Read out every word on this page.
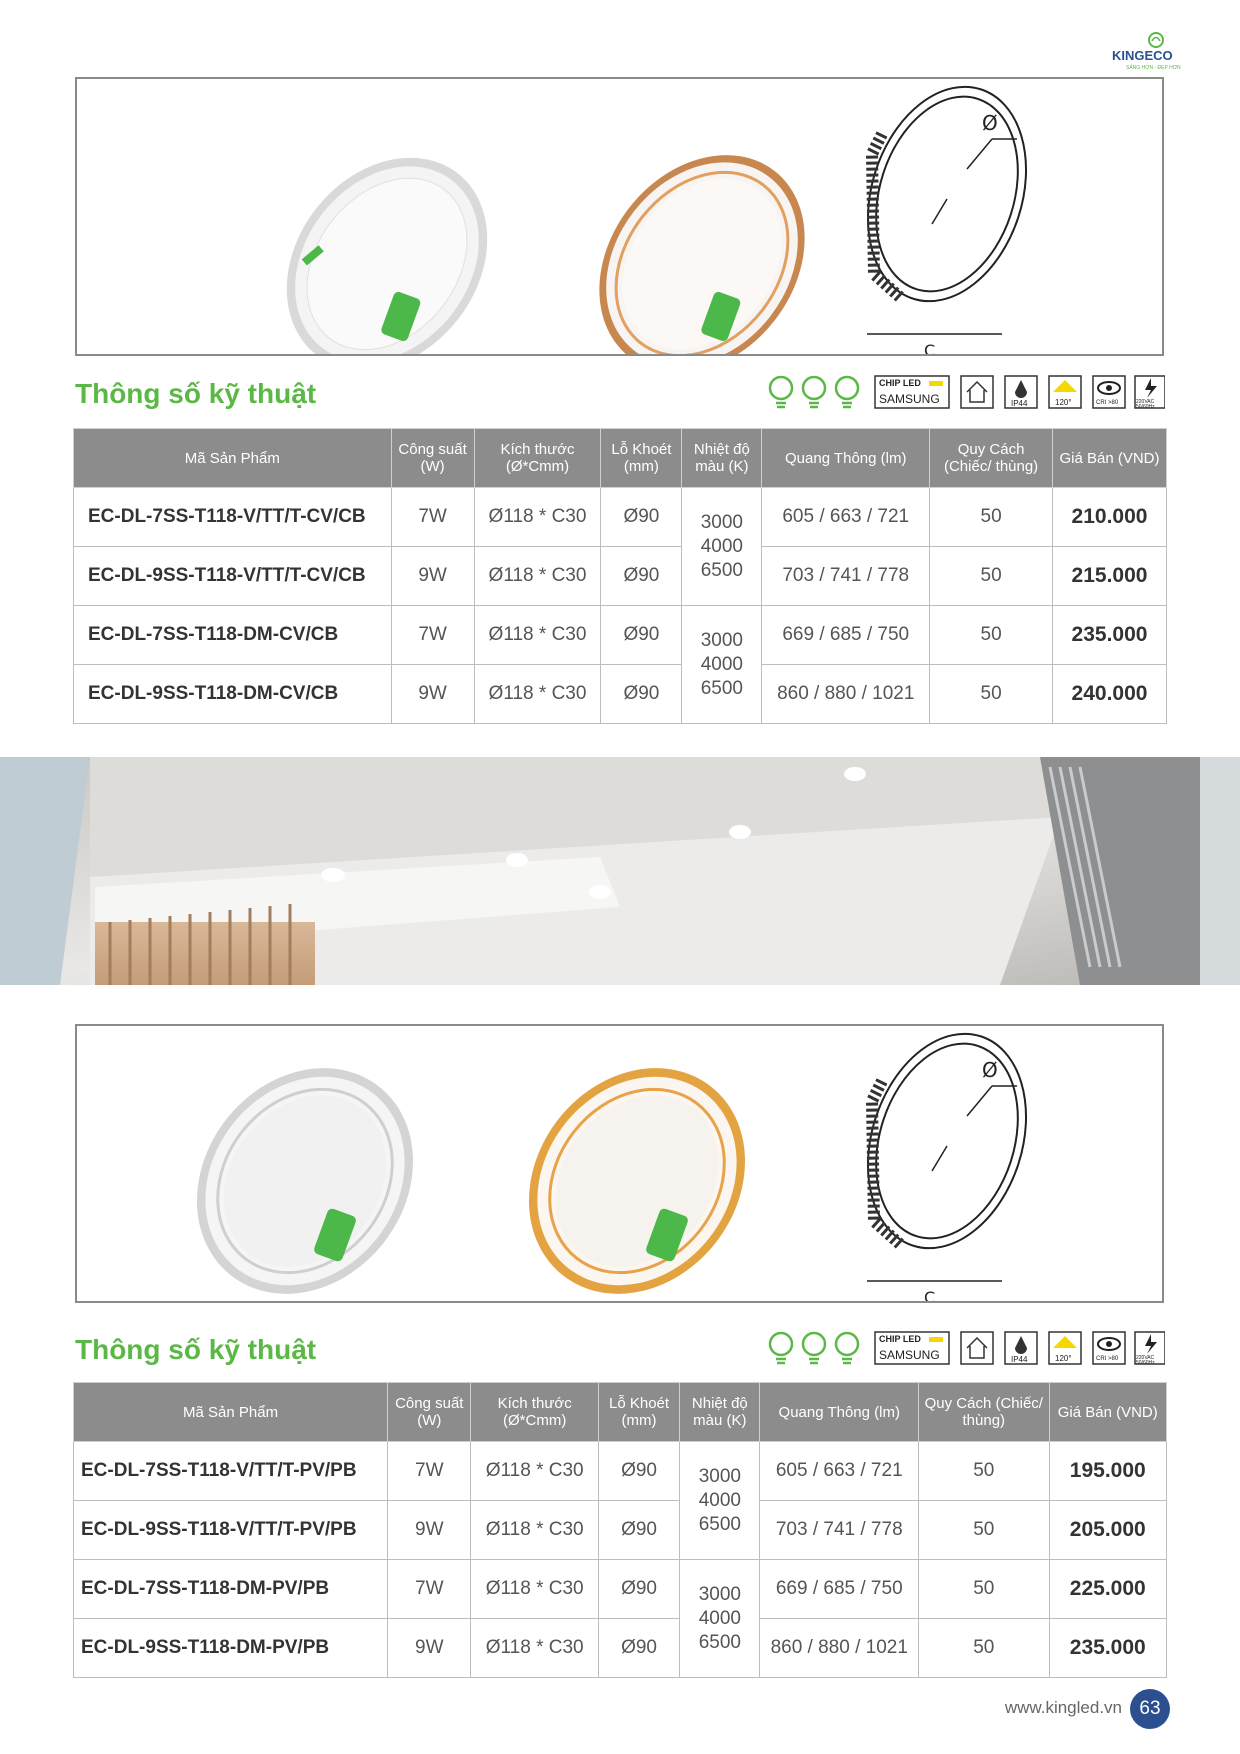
KINGECO
SÁNG HƠN - ĐẸP HƠN
Ø
C
Thông số kỹ thuật	CHIP LED
SAMSUNG	IP44	120°	CRI >80	220VAC
50/60Hz
Mã Sản Phẩm	Công suất (W)	Kích thước (Ø*Cmm)	Lỗ Khoét (mm)	Nhiệt độ màu (K)	Quang Thông (lm)	Quy Cách (Chiếc/ thùng)	Giá Bán (VND)
EC-DL-7SS-T118-V/TT/T-CV/CB	7W	Ø118 * C30	Ø90	3000
4000
6500	605 / 663 / 721	50	210.000
EC-DL-9SS-T118-V/TT/T-CV/CB	9W	Ø118 * C30	Ø90		703 / 741 / 778	50	215.000
EC-DL-7SS-T118-DM-CV/CB	7W	Ø118 * C30	Ø90	3000
4000
6500	669 / 685 / 750	50	235.000
EC-DL-9SS-T118-DM-CV/CB	9W	Ø118 * C30	Ø90		860 / 880 / 1021	50	240.000
Ø
C
Thông số kỹ thuật	CHIP LED
SAMSUNG	IP44	120°	CRI >80	220VAC
50/60Hz
Mã Sản Phẩm	Công suất (W)	Kích thước (Ø*Cmm)	Lỗ Khoét (mm)	Nhiệt độ màu (K)	Quang Thông (lm)	Quy Cách (Chiếc/ thùng)	Giá Bán (VND)
EC-DL-7SS-T118-V/TT/T-PV/PB	7W	Ø118 * C30	Ø90	3000
4000
6500	605 / 663 / 721	50	195.000
EC-DL-9SS-T118-V/TT/T-PV/PB	9W	Ø118 * C30	Ø90		703 / 741 / 778	50	205.000
EC-DL-7SS-T118-DM-PV/PB	7W	Ø118 * C30	Ø90	3000
4000
6500	669 / 685 / 750	50	225.000
EC-DL-9SS-T118-DM-PV/PB	9W	Ø118 * C30	Ø90		860 / 880 / 1021	50	235.000
www.kingled.vn 63
